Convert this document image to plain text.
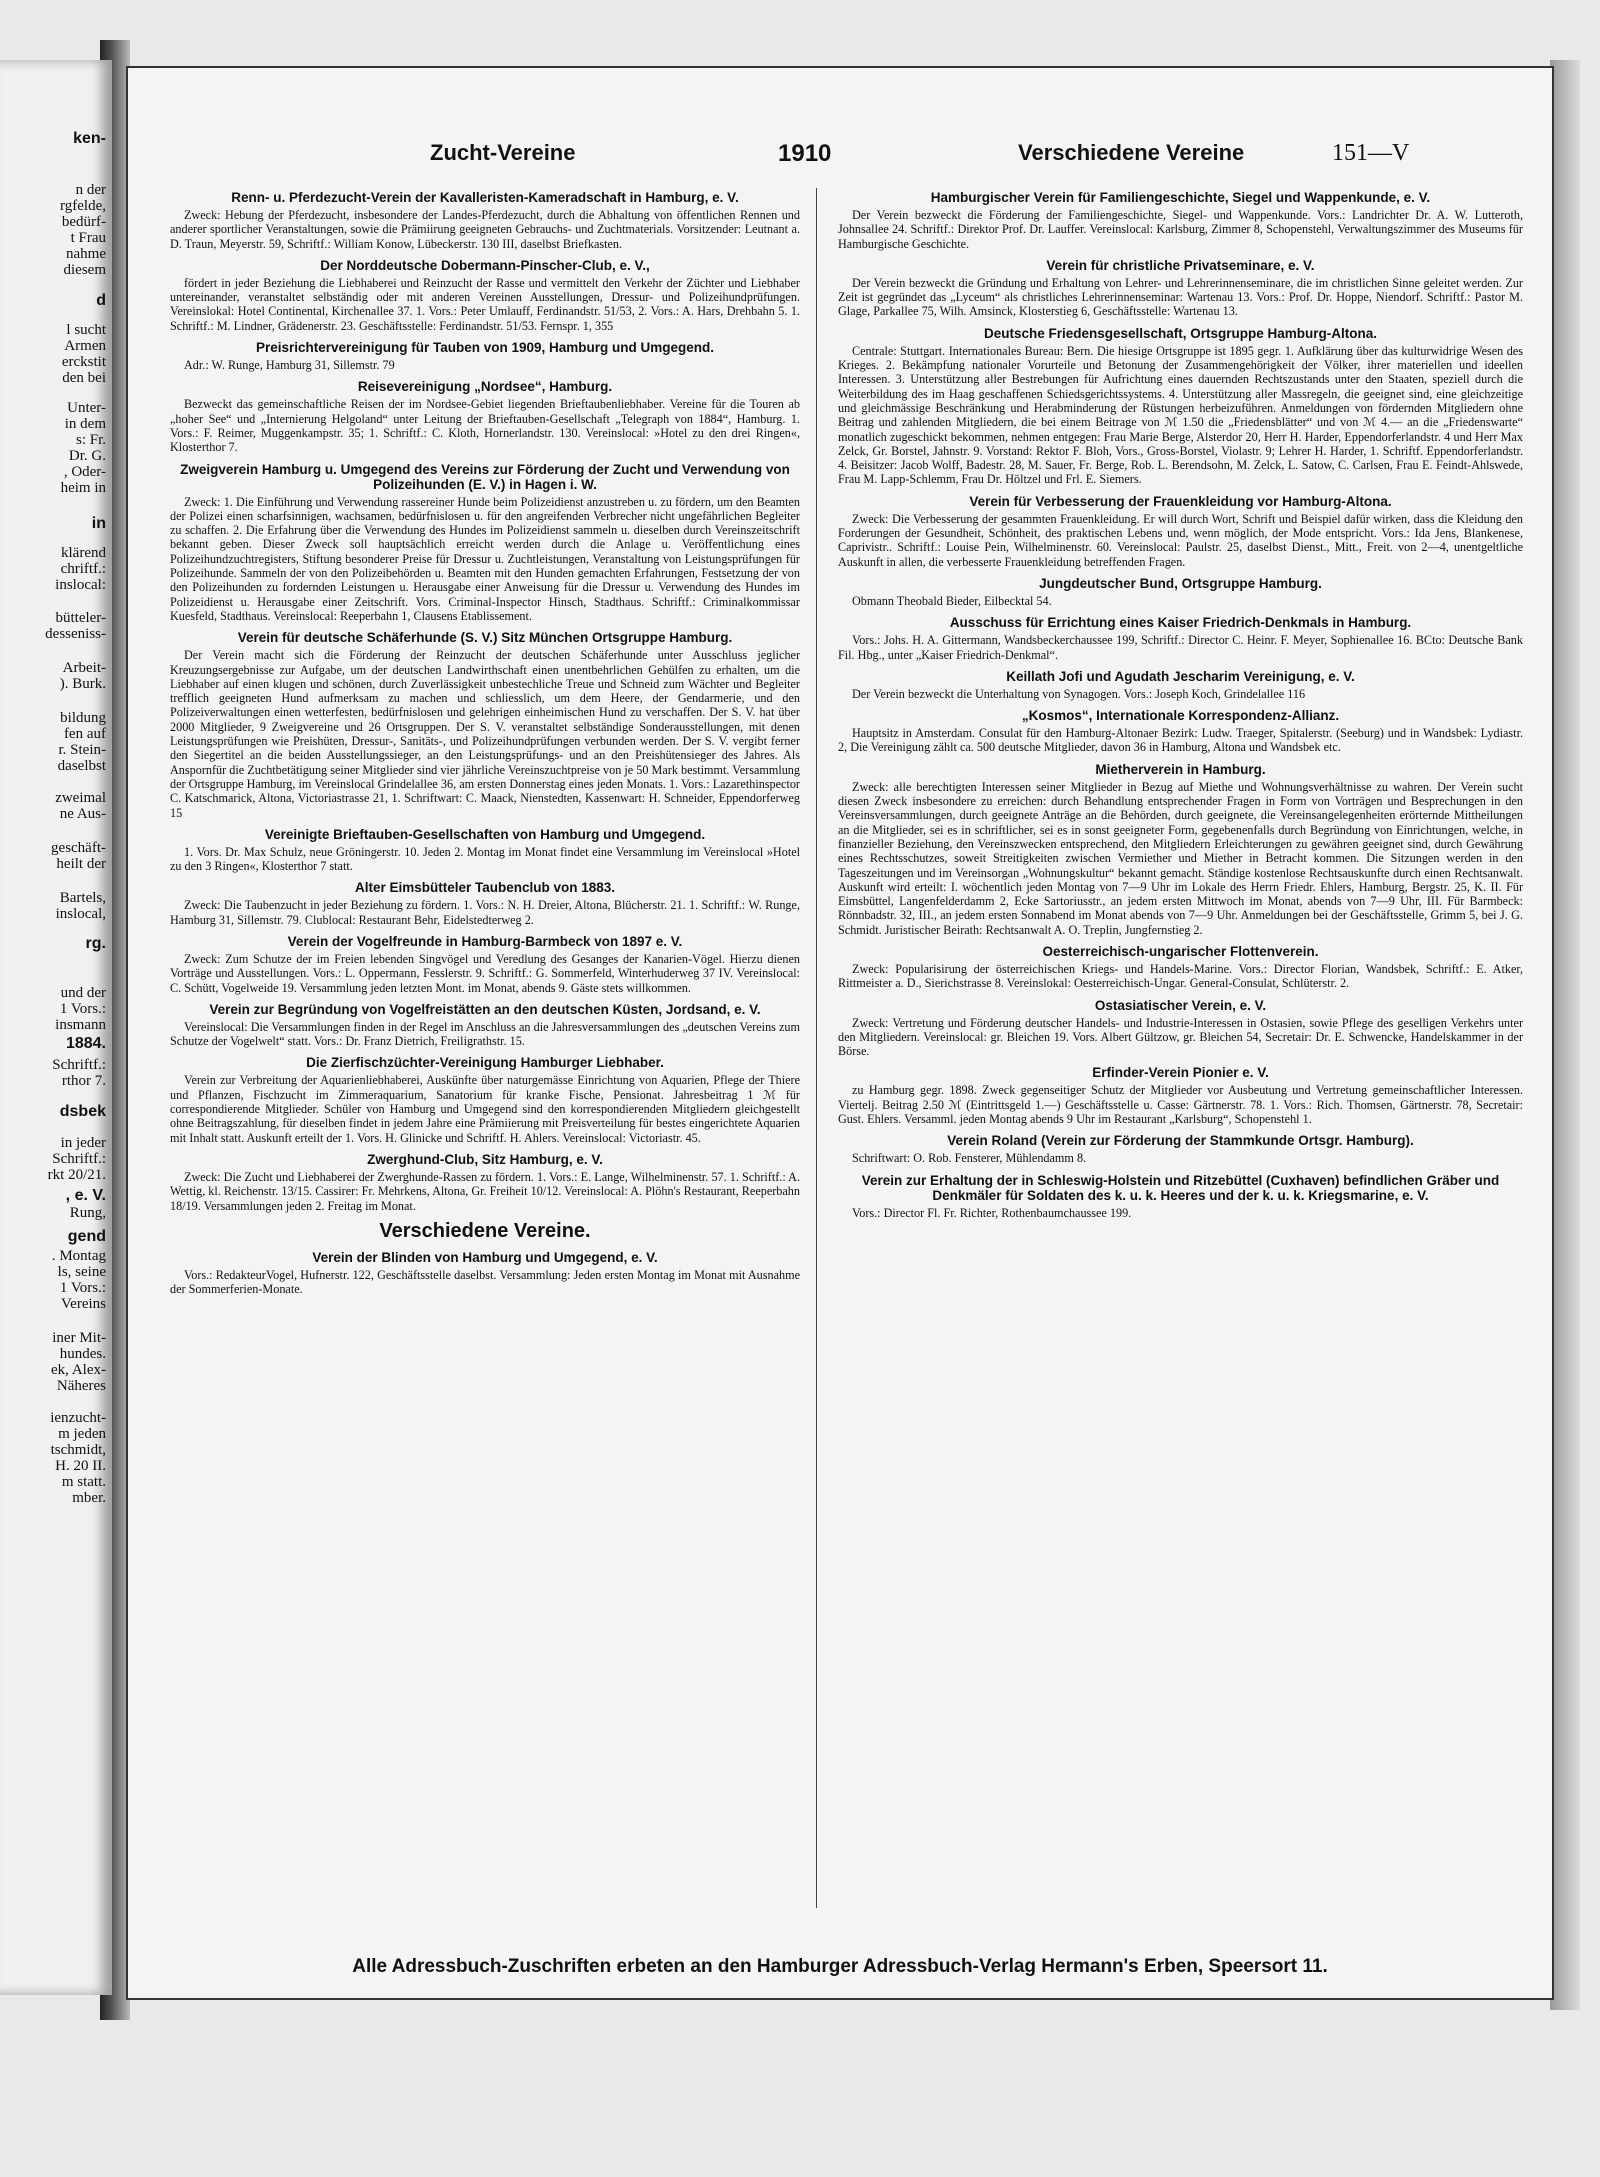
ken-
n der
rgfelde,
bedürf-
t Frau
nahme
diesem
d
l sucht
Armen
erckstit
den bei
Unter-
in dem
s: Fr.
Dr. G.
, Oder-
heim in
in
klärend
chriftf.:
inslocal:
bütteler-
desseniss-
Arbeit-
). Burk.
bildung
fen auf
r. Stein-
daselbst
zweimal
ne Aus-
geschäft-
heilt der
Bartels,
inslocal,
rg.
und der
1 Vors.:
insmann
1884.
Schriftf.:
rthor 7.
dsbek
in jeder
Schriftf.:
rkt 20/21.
, e. V.
Rung,
gend
. Montag
ls, seine
1 Vors.:
Vereins
iner Mit-
hundes.
ek, Alex-
Näheres
ienzucht-
m jeden
tschmidt,
H. 20 II.
m statt.
mber.
Zucht-Vereine	1910	Verschiedene Vereine	151—V
Renn- u. Pferdezucht-Verein der Kavalleristen-Kameradschaft in Hamburg, e. V.

Zweck: Hebung der Pferdezucht, insbesondere der Landes-Pferdezucht, durch die Abhaltung von öffentlichen Rennen und anderer sportlicher Veranstaltungen, sowie die Prämiirung geeigneten Gebrauchs- und Zuchtmaterials. Vorsitzender: Leutnant a. D. Traun, Meyerstr. 59, Schriftf.: William Konow, Lübeckerstr. 130 III, daselbst Briefkasten.

Der Norddeutsche Dobermann-Pinscher-Club, e. V.,

fördert in jeder Beziehung die Liebhaberei und Reinzucht der Rasse und vermittelt den Verkehr der Züchter und Liebhaber untereinander, veranstaltet selbständig oder mit anderen Vereinen Ausstellungen, Dressur- und Polizeihundprüfungen. Vereinslokal: Hotel Continental, Kirchenallee 37. 1. Vors.: Peter Umlauff, Ferdinandstr. 51/53, 2. Vors.: A. Hars, Drehbahn 5. 1. Schriftf.: M. Lindner, Grädenerstr. 23. Geschäftsstelle: Ferdinandstr. 51/53. Fernspr. 1, 355

Preisrichtervereinigung für Tauben von 1909, Hamburg und Umgegend.

Adr.: W. Runge, Hamburg 31, Sillemstr. 79

Reisevereinigung „Nordsee“, Hamburg.

Bezweckt das gemeinschaftliche Reisen der im Nordsee-Gebiet liegenden Brieftaubenliebhaber. Vereine für die Touren ab „hoher See“ und „Internierung Helgoland“ unter Leitung der Brieftauben-Gesellschaft „Telegraph von 1884“, Hamburg. 1. Vors.: F. Reimer, Muggenkampstr. 35; 1. Schriftf.: C. Kloth, Hornerlandstr. 130. Vereinslocal: »Hotel zu den drei Ringen«, Klosterthor 7.

Zweigverein Hamburg u. Umgegend des Vereins zur Förderung der Zucht und Verwendung von Polizeihunden (E. V.) in Hagen i. W.

Zweck: 1. Die Einführung und Verwendung rassereiner Hunde beim Polizeidienst anzustreben u. zu fördern, um den Beamten der Polizei einen scharfsinnigen, wachsamen, bedürfnislosen u. für den angreifenden Verbrecher nicht ungefährlichen Begleiter zu schaffen. 2. Die Erfahrung über die Verwendung des Hundes im Polizeidienst sammeln u. dieselben durch Vereinszeitschrift bekannt geben. Dieser Zweck soll hauptsächlich erreicht werden durch die Anlage u. Veröffentlichung eines Polizeihundzuchtregisters, Stiftung besonderer Preise für Dressur u. Zuchtleistungen, Veranstaltung von Leistungsprüfungen für Polizeihunde. Sammeln der von den Polizeibehörden u. Beamten mit den Hunden gemachten Erfahrungen, Festsetzung der von den Polizeihunden zu fordernden Leistungen u. Herausgabe einer Anweisung für die Dressur u. Verwendung des Hundes im Polizeidienst u. Herausgabe einer Zeitschrift. Vors. Criminal-Inspector Hinsch, Stadthaus. Schriftf.: Criminalkommissar Kuesfeld, Stadthaus. Vereinslocal: Reeperbahn 1, Clausens Etablissement.

Verein für deutsche Schäferhunde (S. V.) Sitz München Ortsgruppe Hamburg.

Der Verein macht sich die Förderung der Reinzucht der deutschen Schäferhunde unter Ausschluss jeglicher Kreuzungsergebnisse zur Aufgabe, um der deutschen Landwirthschaft einen unentbehrlichen Gehülfen zu erhalten, um die Liebhaber auf einen klugen und schönen, durch Zuverlässigkeit unbestechliche Treue und Schneid zum Wächter und Begleiter trefflich geeigneten Hund aufmerksam zu machen und schliesslich, um dem Heere, der Gendarmerie, und den Polizeiverwaltungen einen wetterfesten, bedürfnislosen und gelehrigen einheimischen Hund zu verschaffen. Der S. V. hat über 2000 Mitglieder, 9 Zweigvereine und 26 Ortsgruppen. Der S. V. veranstaltet selbständige Sonderausstellungen, mit denen Leistungsprüfungen wie Preishüten, Dressur-, Sanitäts-, und Polizeihundprüfungen verbunden werden. Der S. V. vergibt ferner den Siegertitel an die beiden Ausstellungssieger, an den Leistungsprüfungs- und an den Preishütensieger des Jahres. Als Anspornfür die Zuchtbetätigung seiner Mitglieder sind vier jährliche Vereinszuchtpreise von je 50 Mark bestimmt. Versammlung der Ortsgruppe Hamburg, im Vereinslocal Grindelallee 36, am ersten Donnerstag eines jeden Monats. 1. Vors.: Lazarethinspector C. Katschmarick, Altona, Victoriastrasse 21, 1. Schriftwart: C. Maack, Nienstedten, Kassenwart: H. Schneider, Eppendorferweg 15

Vereinigte Brieftauben-Gesellschaften von Hamburg und Umgegend.

1. Vors. Dr. Max Schulz, neue Gröningerstr. 10. Jeden 2. Montag im Monat findet eine Versammlung im Vereinslocal »Hotel zu den 3 Ringen«, Klosterthor 7 statt.

Alter Eimsbütteler Taubenclub von 1883.

Zweck: Die Taubenzucht in jeder Beziehung zu fördern. 1. Vors.: N. H. Dreier, Altona, Blücherstr. 21. 1. Schriftf.: W. Runge, Hamburg 31, Sillemstr. 79. Clublocal: Restaurant Behr, Eidelstedterweg 2.

Verein der Vogelfreunde in Hamburg-Barmbeck von 1897 e. V.

Zweck: Zum Schutze der im Freien lebenden Singvögel und Veredlung des Gesanges der Kanarien-Vögel. Hierzu dienen Vorträge und Ausstellungen. Vors.: L. Oppermann, Fesslerstr. 9. Schriftf.: G. Sommerfeld, Winterhuderweg 37 IV. Vereinslocal: C. Schütt, Vogelweide 19. Versammlung jeden letzten Mont. im Monat, abends 9. Gäste stets willkommen.

Verein zur Begründung von Vogelfreistätten an den deutschen Küsten, Jordsand, e. V.

Vereinslocal: Die Versammlungen finden in der Regel im Anschluss an die Jahresversammlungen des „deutschen Vereins zum Schutze der Vogelwelt“ statt. Vors.: Dr. Franz Dietrich, Freiligrathstr. 15.

Die Zierfischzüchter-Vereinigung Hamburger Liebhaber.

Verein zur Verbreitung der Aquarienliebhaberei, Auskünfte über naturgemässe Einrichtung von Aquarien, Pflege der Thiere und Pflanzen, Fischzucht im Zimmeraquarium, Sanatorium für kranke Fische, Pensionat. Jahresbeitrag 1 ℳ für correspondierende Mitglieder. Schüler von Hamburg und Umgegend sind den korrespondierenden Mitgliedern gleichgestellt ohne Beitragszahlung, für dieselben findet in jedem Jahre eine Prämiierung mit Preisverteilung für bestes eingerichtete Aquarien mit Inhalt statt. Auskunft erteilt der 1. Vors. H. Glinicke und Schriftf. H. Ahlers. Vereinslocal: Victoriastr. 45.

Zwerghund-Club, Sitz Hamburg, e. V.

Zweck: Die Zucht und Liebhaberei der Zwerghunde-Rassen zu fördern. 1. Vors.: E. Lange, Wilhelminenstr. 57. 1. Schriftf.: A. Wettig, kl. Reichenstr. 13/15. Cassirer: Fr. Mehrkens, Altona, Gr. Freiheit 10/12. Vereinslocal: A. Plöhn's Restaurant, Reeperbahn 18/19. Versammlungen jeden 2. Freitag im Monat.

Verschiedene Vereine.
Verein der Blinden von Hamburg und Umgegend, e. V.

Vors.: RedakteurVogel, Hufnerstr. 122, Geschäftsstelle daselbst. Versammlung: Jeden ersten Montag im Monat mit Ausnahme der Sommerferien-Monate.

Hamburgischer Verein für Familiengeschichte, Siegel und Wappenkunde, e. V.

Der Verein bezweckt die Förderung der Familiengeschichte, Siegel- und Wappenkunde. Vors.: Landrichter Dr. A. W. Lutteroth, Johnsallee 24. Schriftf.: Direktor Prof. Dr. Lauffer. Vereinslocal: Karlsburg, Zimmer 8, Schopenstehl, Verwaltungszimmer des Museums für Hamburgische Geschichte.

Verein für christliche Privatseminare, e. V.

Der Verein bezweckt die Gründung und Erhaltung von Lehrer- und Lehrerinnenseminare, die im christlichen Sinne geleitet werden. Zur Zeit ist gegründet das „Lyceum“ als christliches Lehrerinnenseminar: Wartenau 13. Vors.: Prof. Dr. Hoppe, Niendorf. Schriftf.: Pastor M. Glage, Parkallee 75, Wilh. Amsinck, Klosterstieg 6, Geschäftsstelle: Wartenau 13.

Deutsche Friedensgesellschaft, Ortsgruppe Hamburg-Altona.

Centrale: Stuttgart. Internationales Bureau: Bern. Die hiesige Ortsgruppe ist 1895 gegr. 1. Aufklärung über das kulturwidrige Wesen des Krieges. 2. Bekämpfung nationaler Vorurteile und Betonung der Zusammengehörigkeit der Völker, ihrer materiellen und ideellen Interessen. 3. Unterstützung aller Bestrebungen für Aufrichtung eines dauernden Rechtszustands unter den Staaten, speziell durch die Weiterbildung des im Haag geschaffenen Schiedsgerichtssystems. 4. Unterstützung aller Massregeln, die geeignet sind, eine gleichzeitige und gleichmässige Beschränkung und Herabminderung der Rüstungen herbeizuführen. Anmeldungen von fördernden Mitgliedern ohne Beitrag und zahlenden Mitgliedern, die bei einem Beitrage von ℳ 1.50 die „Friedensblätter“ und von ℳ 4.— an die „Friedenswarte“ monatlich zugeschickt bekommen, nehmen entgegen: Frau Marie Berge, Alsterdor 20, Herr H. Harder, Eppendorferlandstr. 4 und Herr Max Zelck, Gr. Borstel, Jahnstr. 9. Vorstand: Rektor F. Bloh, Vors., Gross-Borstel, Violastr. 9; Lehrer H. Harder, 1. Schriftf. Eppendorferlandstr. 4. Beisitzer: Jacob Wolff, Badestr. 28, M. Sauer, Fr. Berge, Rob. L. Berendsohn, M. Zelck, L. Satow, C. Carlsen, Frau E. Feindt-Ahlswede, Frau M. Lapp-Schlemm, Frau Dr. Höltzel und Frl. E. Siemers.

Verein für Verbesserung der Frauenkleidung vor Hamburg-Altona.

Zweck: Die Verbesserung der gesammten Frauenkleidung. Er will durch Wort, Schrift und Beispiel dafür wirken, dass die Kleidung den Forderungen der Gesundheit, Schönheit, des praktischen Lebens und, wenn möglich, der Mode entspricht. Vors.: Ida Jens, Blankenese, Caprivistr.. Schriftf.: Louise Pein, Wilhelminenstr. 60. Vereinslocal: Paulstr. 25, daselbst Dienst., Mitt., Freit. von 2—4, unentgeltliche Auskunft in allen, die verbesserte Frauenkleidung betreffenden Fragen.

Jungdeutscher Bund, Ortsgruppe Hamburg.

Obmann Theobald Bieder, Eilbecktal 54.

Ausschuss für Errichtung eines Kaiser Friedrich-Denkmals in Hamburg.

Vors.: Johs. H. A. Gittermann, Wandsbeckerchaussee 199, Schriftf.: Director C. Heinr. F. Meyer, Sophienallee 16. BCto: Deutsche Bank Fil. Hbg., unter „Kaiser Friedrich-Denkmal“.

Keillath Jofi und Agudath Jescharim Vereinigung, e. V.

Der Verein bezweckt die Unterhaltung von Synagogen. Vors.: Joseph Koch, Grindelallee 116

„Kosmos“, Internationale Korrespondenz-Allianz.

Hauptsitz in Amsterdam. Consulat für den Hamburg-Altonaer Bezirk: Ludw. Traeger, Spitalerstr. (Seeburg) und in Wandsbek: Lydiastr. 2, Die Vereinigung zählt ca. 500 deutsche Mitglieder, davon 36 in Hamburg, Altona und Wandsbek etc.

Mietherverein in Hamburg.

Zweck: alle berechtigten Interessen seiner Mitglieder in Bezug auf Miethe und Wohnungsverhältnisse zu wahren. Der Verein sucht diesen Zweck insbesondere zu erreichen: durch Behandlung entsprechender Fragen in Form von Vorträgen und Besprechungen in den Vereinsversammlungen, durch geeignete Anträge an die Behörden, durch geeignete, die Vereinsangelegenheiten erörternde Mittheilungen an die Mitglieder, sei es in schriftlicher, sei es in sonst geeigneter Form, gegebenenfalls durch Begründung von Einrichtungen, welche, in finanzieller Beziehung, den Vereinszwecken entsprechend, den Mitgliedern Erleichterungen zu gewähren geeignet sind, durch Gewährung eines Rechtsschutzes, soweit Streitigkeiten zwischen Vermiether und Miether in Betracht kommen. Die Sitzungen werden in den Tageszeitungen und im Vereinsorgan „Wohnungskultur“ bekannt gemacht. Ständige kostenlose Rechtsauskunfte durch einen Rechtsanwalt. Auskunft wird erteilt: I. wöchentlich jeden Montag von 7—9 Uhr im Lokale des Herrn Friedr. Ehlers, Hamburg, Bergstr. 25, K. II. Für Eimsbüttel, Langenfelderdamm 2, Ecke Sartoriusstr., an jedem ersten Mittwoch im Monat, abends von 7—9 Uhr, III. Für Barmbeck: Rönnbadstr. 32, III., an jedem ersten Sonnabend im Monat abends von 7—9 Uhr. Anmeldungen bei der Geschäftsstelle, Grimm 5, bei J. G. Schmidt. Juristischer Beirath: Rechtsanwalt A. O. Treplin, Jungfernstieg 2.

Oesterreichisch-ungarischer Flottenverein.

Zweck: Popularisirung der österreichischen Kriegs- und Handels-Marine. Vors.: Director Florian, Wandsbek, Schriftf.: E. Atker, Rittmeister a. D., Sierichstrasse 8. Vereinslokal: Oesterreichisch-Ungar. General-Consulat, Schlüterstr. 2.

Ostasiatischer Verein, e. V.

Zweck: Vertretung und Förderung deutscher Handels- und Industrie-Interessen in Ostasien, sowie Pflege des geselligen Verkehrs unter den Mitgliedern. Vereinslocal: gr. Bleichen 19. Vors. Albert Gültzow, gr. Bleichen 54, Secretair: Dr. E. Schwencke, Handelskammer in der Börse.

Erfinder-Verein Pionier e. V.

zu Hamburg gegr. 1898. Zweck gegenseitiger Schutz der Mitglieder vor Ausbeutung und Vertretung gemeinschaftlicher Interessen. Viertelj. Beitrag 2.50 ℳ (Eintrittsgeld 1.—) Geschäftsstelle u. Casse: Gärtnerstr. 78. 1. Vors.: Rich. Thomsen, Gärtnerstr. 78, Secretair: Gust. Ehlers. Versamml. jeden Montag abends 9 Uhr im Restaurant „Karlsburg“, Schopenstehl 1.

Verein Roland (Verein zur Förderung der Stammkunde Ortsgr. Hamburg).

Schriftwart: O. Rob. Fensterer, Mühlendamm 8.

Verein zur Erhaltung der in Schleswig-Holstein und Ritzebüttel (Cuxhaven) befindlichen Gräber und Denkmäler für Soldaten des k. u. k. Heeres und der k. u. k. Kriegsmarine, e. V.

Vors.: Director Fl. Fr. Richter, Rothenbaumchaussee 199.

Alle Adressbuch-Zuschriften erbeten an den Hamburger Adressbuch-Verlag Hermann's Erben, Speersort 11.
